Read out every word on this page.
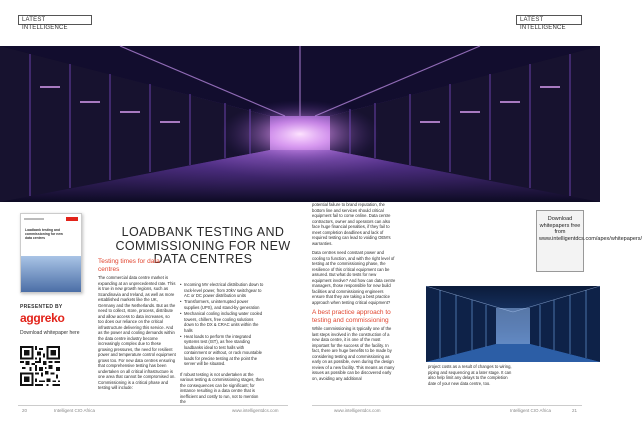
LATEST INTELLIGENCE
LATEST INTELLIGENCE
Loadbank testing and commissioning for new data centres
PRESENTED BY
aggreko
Download whitepaper here
LOADBANK TESTING AND COMMISSIONING FOR NEW DATA CENTRES
Testing times for data centres
The commercial data centre market is expanding at an unprecedented rate. This is true in new growth regions, such as Scandinavia and Ireland, as well as more established markets like the UK, Germany and the Netherlands. But as the need to collect, store, process, distribute and allow access to data increases, so too does our reliance on the critical infrastructure delivering this service. And as the power and cooling demands within the data centre industry become increasingly complex due to these growing pressures, the need for resilient power and temperature control equipment grows too. For new data centres ensuring that comprehensive testing has been undertaken on all critical infrastructure is one area that cannot be compromised on. Commissioning is a critical phase and testing will include:
• Incoming MV electrical distribution down to rack-level power, from 20kV switchgear to AC or DC power distribution units
• Transformers, uninterrupted power supplies (UPS), and stand-by generation
• Mechanical cooling including water cooled towers, chillers, free cooling solutions down to the DX & CRAC units within the halls
• Heat loads to perform the integrated systems test (IST), as free standing loadbanks ideal to test halls with containment or without, or rack mountable loads for precise testing at the point the server will be situated.

If robust testing is not undertaken at the various testing & commissioning stages, then the consequences can be significant; for instance resulting in a data centre that is inefficient and costly to run, not to mention the

potential failure to brand reputation, the bottom line and services should critical equipment fail to come online. Data centre contractors, owner and operators can also face huge financial penalties, if they fail to meet completion deadlines and lack of required testing can lead to voiding OEM's warranties.

Data centres need constant power and cooling to function, and with the right level of testing at the commissioning phase, the resilience of this critical equipment can be assured. But what do tests for new equipment involve? And how can data centre managers, those responsible for new build facilities and commissioning engineers ensure that they are taking a best practice approach when testing critical equipment?

A best practice approach to testing and commissioning

While commissioning is typically one of the last steps involved in the construction of a new data centre, it is one of the most important for the success of the facility. In fact, there are huge benefits to be made by considering testing and commissioning as early on as possible, even during the design review of a new facility. This means as many issues as possible can be discovered early on, avoiding any additional

Download whitepapers free from www.intelligentdcs.com/apex/whitepapers/
project costs as a result of changes to wiring, piping and sequencing at a later stage. It can also help limit any delays to the completion date of your new data centre, too.
20	Intelligent CIO Africa	www.intelligentdcs.com	www.intelligentdcs.com	Intelligent CIO Africa	21
